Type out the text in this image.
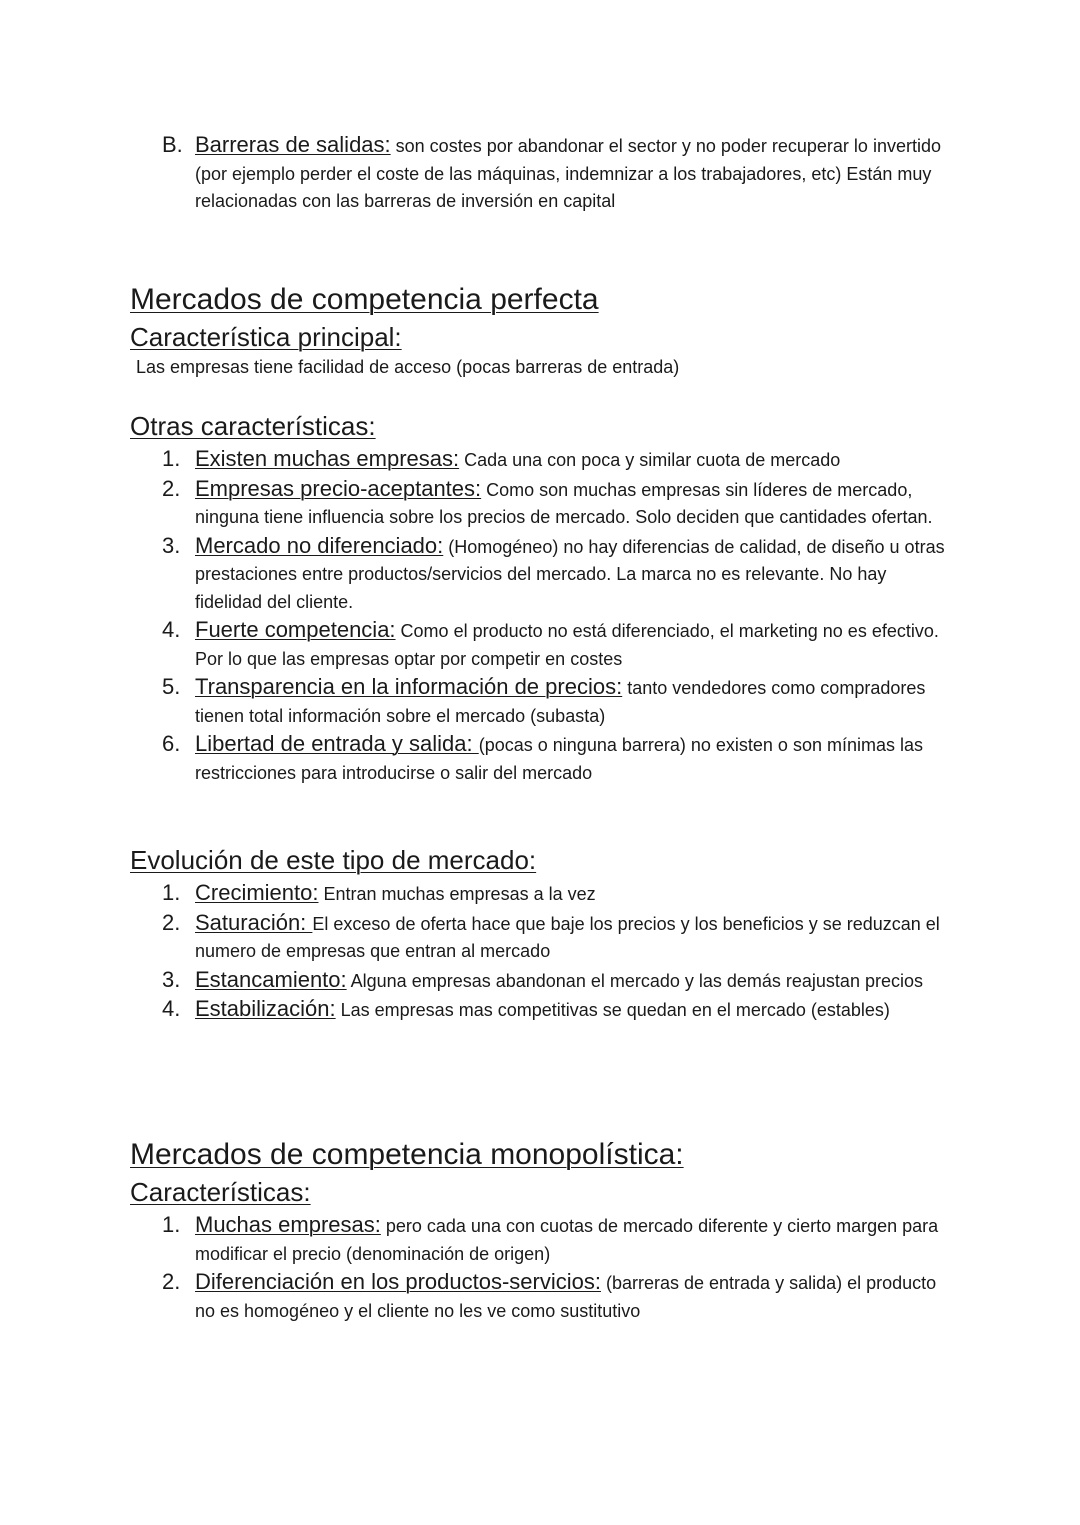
B. Barreras de salidas: son costes por abandonar el sector y no poder recuperar lo invertido (por ejemplo perder el coste de las máquinas, indemnizar a los trabajadores, etc) Están muy relacionadas con las barreras de inversión en capital
Mercados de competencia perfecta
Característica principal:

Las empresas tiene facilidad de acceso (pocas barreras de entrada)

Otras características:
1. Existen muchas empresas: Cada una con poca y similar cuota de mercado
2. Empresas precio-aceptantes: Como son muchas empresas sin líderes de mercado, ninguna tiene influencia sobre los precios de mercado. Solo deciden que cantidades ofertan.
3. Mercado no diferenciado: (Homogéneo) no hay diferencias de calidad, de diseño u otras prestaciones entre productos/servicios del mercado. La marca no es relevante. No hay fidelidad del cliente.
4. Fuerte competencia: Como el producto no está diferenciado, el marketing no es efectivo. Por lo que las empresas optar por competir en costes
5. Transparencia en la información de precios: tanto vendedores como compradores tienen total información sobre el mercado (subasta)
6. Libertad de entrada y salida: (pocas o ninguna barrera) no existen o son mínimas las restricciones para introducirse o salir del mercado
Evolución de este tipo de mercado:
1. Crecimiento: Entran muchas empresas a la vez
2. Saturación: El exceso de oferta hace que baje los precios y los beneficios y se reduzcan el numero de empresas que entran al mercado
3. Estancamiento: Alguna empresas abandonan el mercado y las demás reajustan precios
4. Estabilización: Las empresas mas competitivas se quedan en el mercado (estables)
Mercados de competencia monopolística:
Características:
1. Muchas empresas: pero cada una con cuotas de mercado diferente y cierto margen para modificar el precio (denominación de origen)
2. Diferenciación en los productos-servicios: (barreras de entrada y salida) el producto no es homogéneo y el cliente no les ve como sustitutivo
